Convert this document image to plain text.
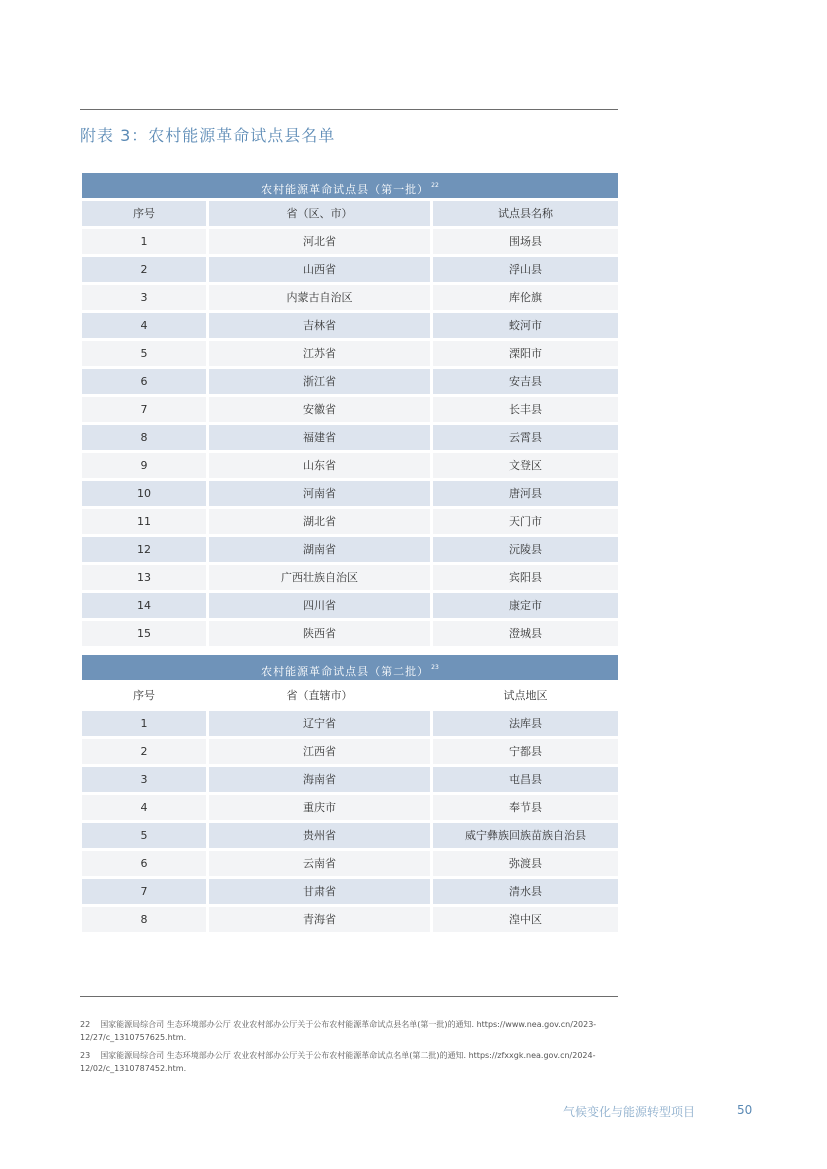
附表 3：农村能源革命试点县名单
农村能源革命试点县（第一批） $^{22}$
序号	省（区、市）	试点县名称
1	河北省	围场县
2	山西省	浮山县
3	内蒙古自治区	库伦旗
4	吉林省	蛟河市
5	江苏省	溧阳市
6	浙江省	安吉县
7	安徽省	长丰县
8	福建省	云霄县
9	山东省	文登区
10	河南省	唐河县
11	湖北省	天门市
12	湖南省	沅陵县
13	广西壮族自治区	宾阳县
14	四川省	康定市
15	陕西省	澄城县
农村能源革命试点县（第二批） $^{23}$
序号	省（直辖市）	试点地区
1	辽宁省	法库县
2	江西省	宁都县
3	海南省	屯昌县
4	重庆市	奉节县
5	贵州省	威宁彝族回族苗族自治县
6	云南省	弥渡县
7	甘肃省	清水县
8	青海省	湟中区
22 国家能源局综合司 生态环境部办公厅 农业农村部办公厅关于公布农村能源革命试点县名单(第一批)的通知. https://www.nea.gov.cn/2023-12/27/c_1310757625.htm.
23 国家能源局综合司 生态环境部办公厅 农业农村部办公厅关于公布农村能源革命试点名单(第二批)的通知. https://zfxxgk.nea.gov.cn/2024-12/02/c_1310787452.htm.
气候变化与能源转型项目	50
